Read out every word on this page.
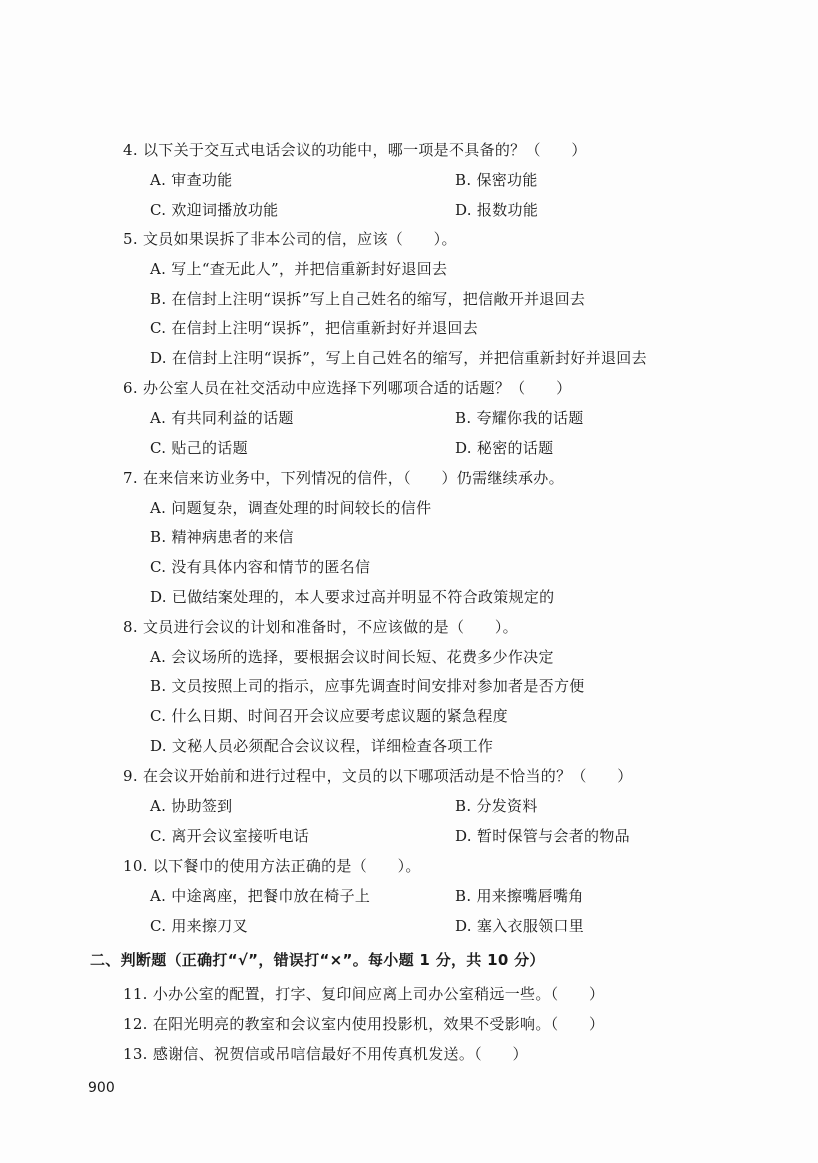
4. 以下关于交互式电话会议的功能中，哪一项是不具备的？（　　）
A. 审查功能	B. 保密功能
C. 欢迎词播放功能	D. 报数功能
5. 文员如果误拆了非本公司的信，应该（　　）。
A. 写上“查无此人”，并把信重新封好退回去
B. 在信封上注明“误拆”写上自己姓名的缩写，把信敞开并退回去
C. 在信封上注明“误拆”，把信重新封好并退回去
D. 在信封上注明“误拆”，写上自己姓名的缩写，并把信重新封好并退回去
6. 办公室人员在社交活动中应选择下列哪项合适的话题？（　　）
A. 有共同利益的话题	B. 夸耀你我的话题
C. 贴己的话题	D. 秘密的话题
7. 在来信来访业务中，下列情况的信件，（　　）仍需继续承办。
A. 问题复杂，调查处理的时间较长的信件
B. 精神病患者的来信
C. 没有具体内容和情节的匿名信
D. 已做结案处理的，本人要求过高并明显不符合政策规定的
8. 文员进行会议的计划和准备时，不应该做的是（　　）。
A. 会议场所的选择，要根据会议时间长短、花费多少作决定
B. 文员按照上司的指示，应事先调查时间安排对参加者是否方便
C. 什么日期、时间召开会议应要考虑议题的紧急程度
D. 文秘人员必须配合会议议程，详细检查各项工作
9. 在会议开始前和进行过程中，文员的以下哪项活动是不恰当的？（　　）
A. 协助签到	B. 分发资料
C. 离开会议室接听电话	D. 暂时保管与会者的物品
10. 以下餐巾的使用方法正确的是（　　）。
A. 中途离座，把餐巾放在椅子上	B. 用来擦嘴唇嘴角
C. 用来擦刀叉	D. 塞入衣服领口里
二、判断题（正确打“√”，错误打“×”。每小题 1 分，共 10 分）
11. 小办公室的配置，打字、复印间应离上司办公室稍远一些。（　　）
12. 在阳光明亮的教室和会议室内使用投影机，效果不受影响。（　　）
13. 感谢信、祝贺信或吊唁信最好不用传真机发送。（　　）
900
